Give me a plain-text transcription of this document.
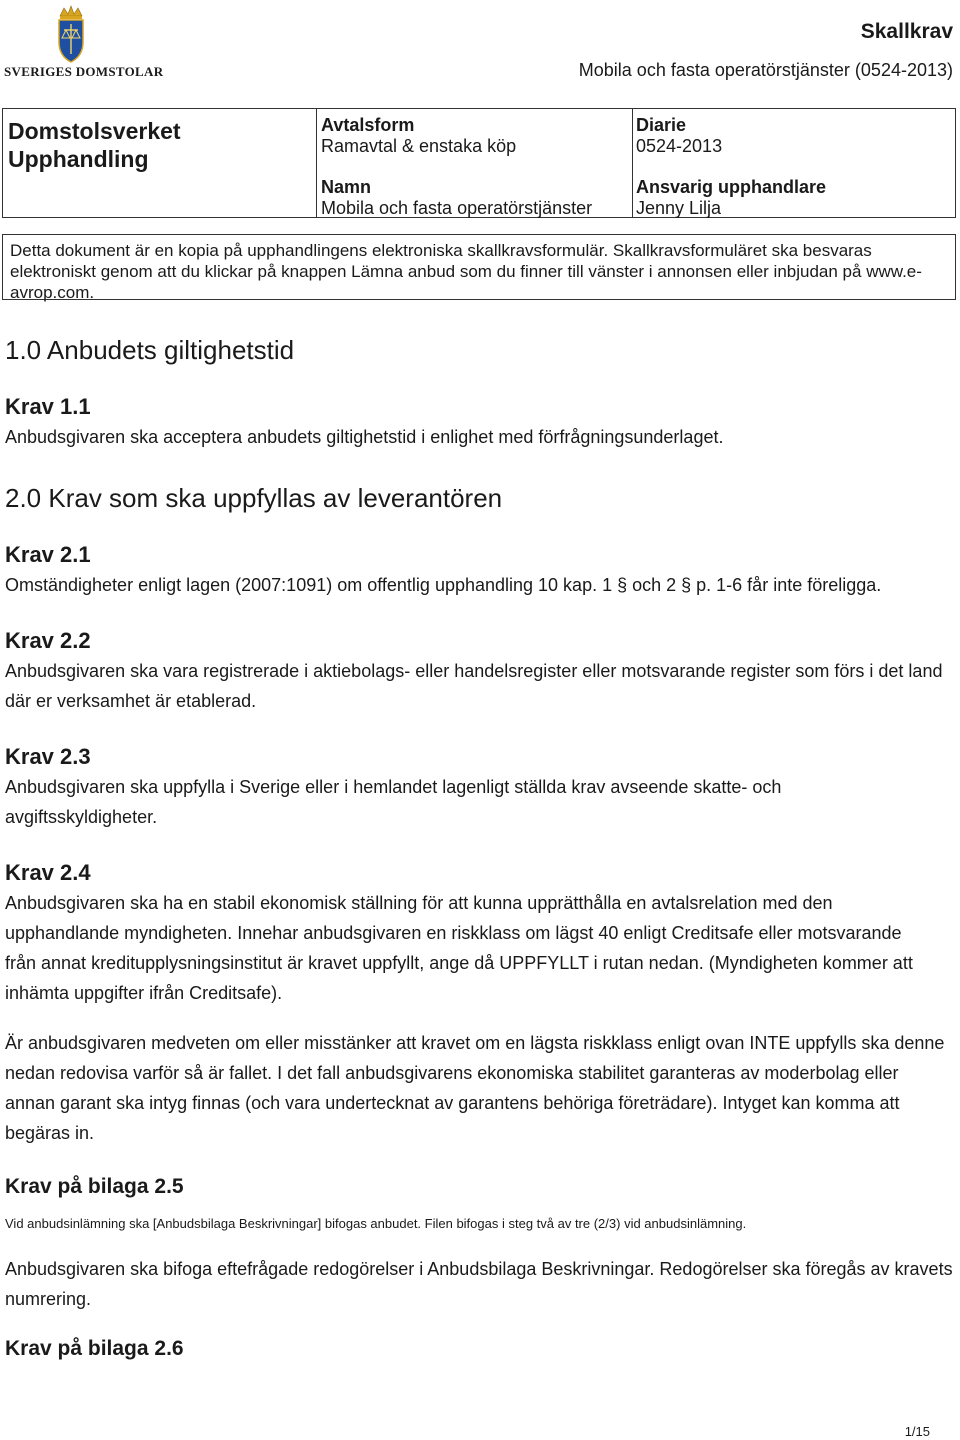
SVERIGES DOMSTOLAR
Skallkrav
Mobila och fasta operatörstjänster (0524-2013)
Domstolsverket
Upphandling
Avtalsform
Ramavtal & enstaka köp
Namn
Mobila och fasta operatörstjänster
Diarie
0524-2013
Ansvarig upphandlare
Jenny Lilja
Detta dokument är en kopia på upphandlingens elektroniska skallkravsformulär. Skallkravsformuläret ska besvaras elektroniskt genom att du klickar på knappen Lämna anbud som du finner till vänster i annonsen eller inbjudan på www.e-avrop.com.
1.0 Anbudets giltighetstid
Krav 1.1

Anbudsgivaren ska acceptera anbudets giltighetstid i enlighet med förfrågningsunderlaget.

2.0 Krav som ska uppfyllas av leverantören
Krav 2.1

Omständigheter enligt lagen (2007:1091) om offentlig upphandling 10 kap. 1 § och 2 § p. 1-6 får inte föreligga.

Krav 2.2

Anbudsgivaren ska vara registrerade i aktiebolags- eller handelsregister eller motsvarande register som förs i det land där er verksamhet är etablerad.

Krav 2.3

Anbudsgivaren ska uppfylla i Sverige eller i hemlandet lagenligt ställda krav avseende skatte- och avgiftsskyldigheter.

Krav 2.4

Anbudsgivaren ska ha en stabil ekonomisk ställning för att kunna upprätthålla en avtalsrelation med den upphandlande myndigheten. Innehar anbudsgivaren en riskklass om lägst 40 enligt Creditsafe eller motsvarande från annat kreditupplysningsinstitut är kravet uppfyllt, ange då UPPFYLLT i rutan nedan. (Myndigheten kommer att inhämta uppgifter ifrån Creditsafe).

Är anbudsgivaren medveten om eller misstänker att kravet om en lägsta riskklass enligt ovan INTE uppfylls ska denne nedan redovisa varför så är fallet. I det fall anbudsgivarens ekonomiska stabilitet garanteras av moderbolag eller annan garant ska intyg finnas (och vara undertecknat av garantens behöriga företrädare). Intyget kan komma att begäras in.

Krav på bilaga 2.5

Vid anbudsinlämning ska [Anbudsbilaga Beskrivningar] bifogas anbudet. Filen bifogas i steg två av tre (2/3) vid anbudsinlämning.

Anbudsgivaren ska bifoga eftefrågade redogörelser i Anbudsbilaga Beskrivningar. Redogörelser ska föregås av kravets numrering.

Krav på bilaga 2.6
1/15
